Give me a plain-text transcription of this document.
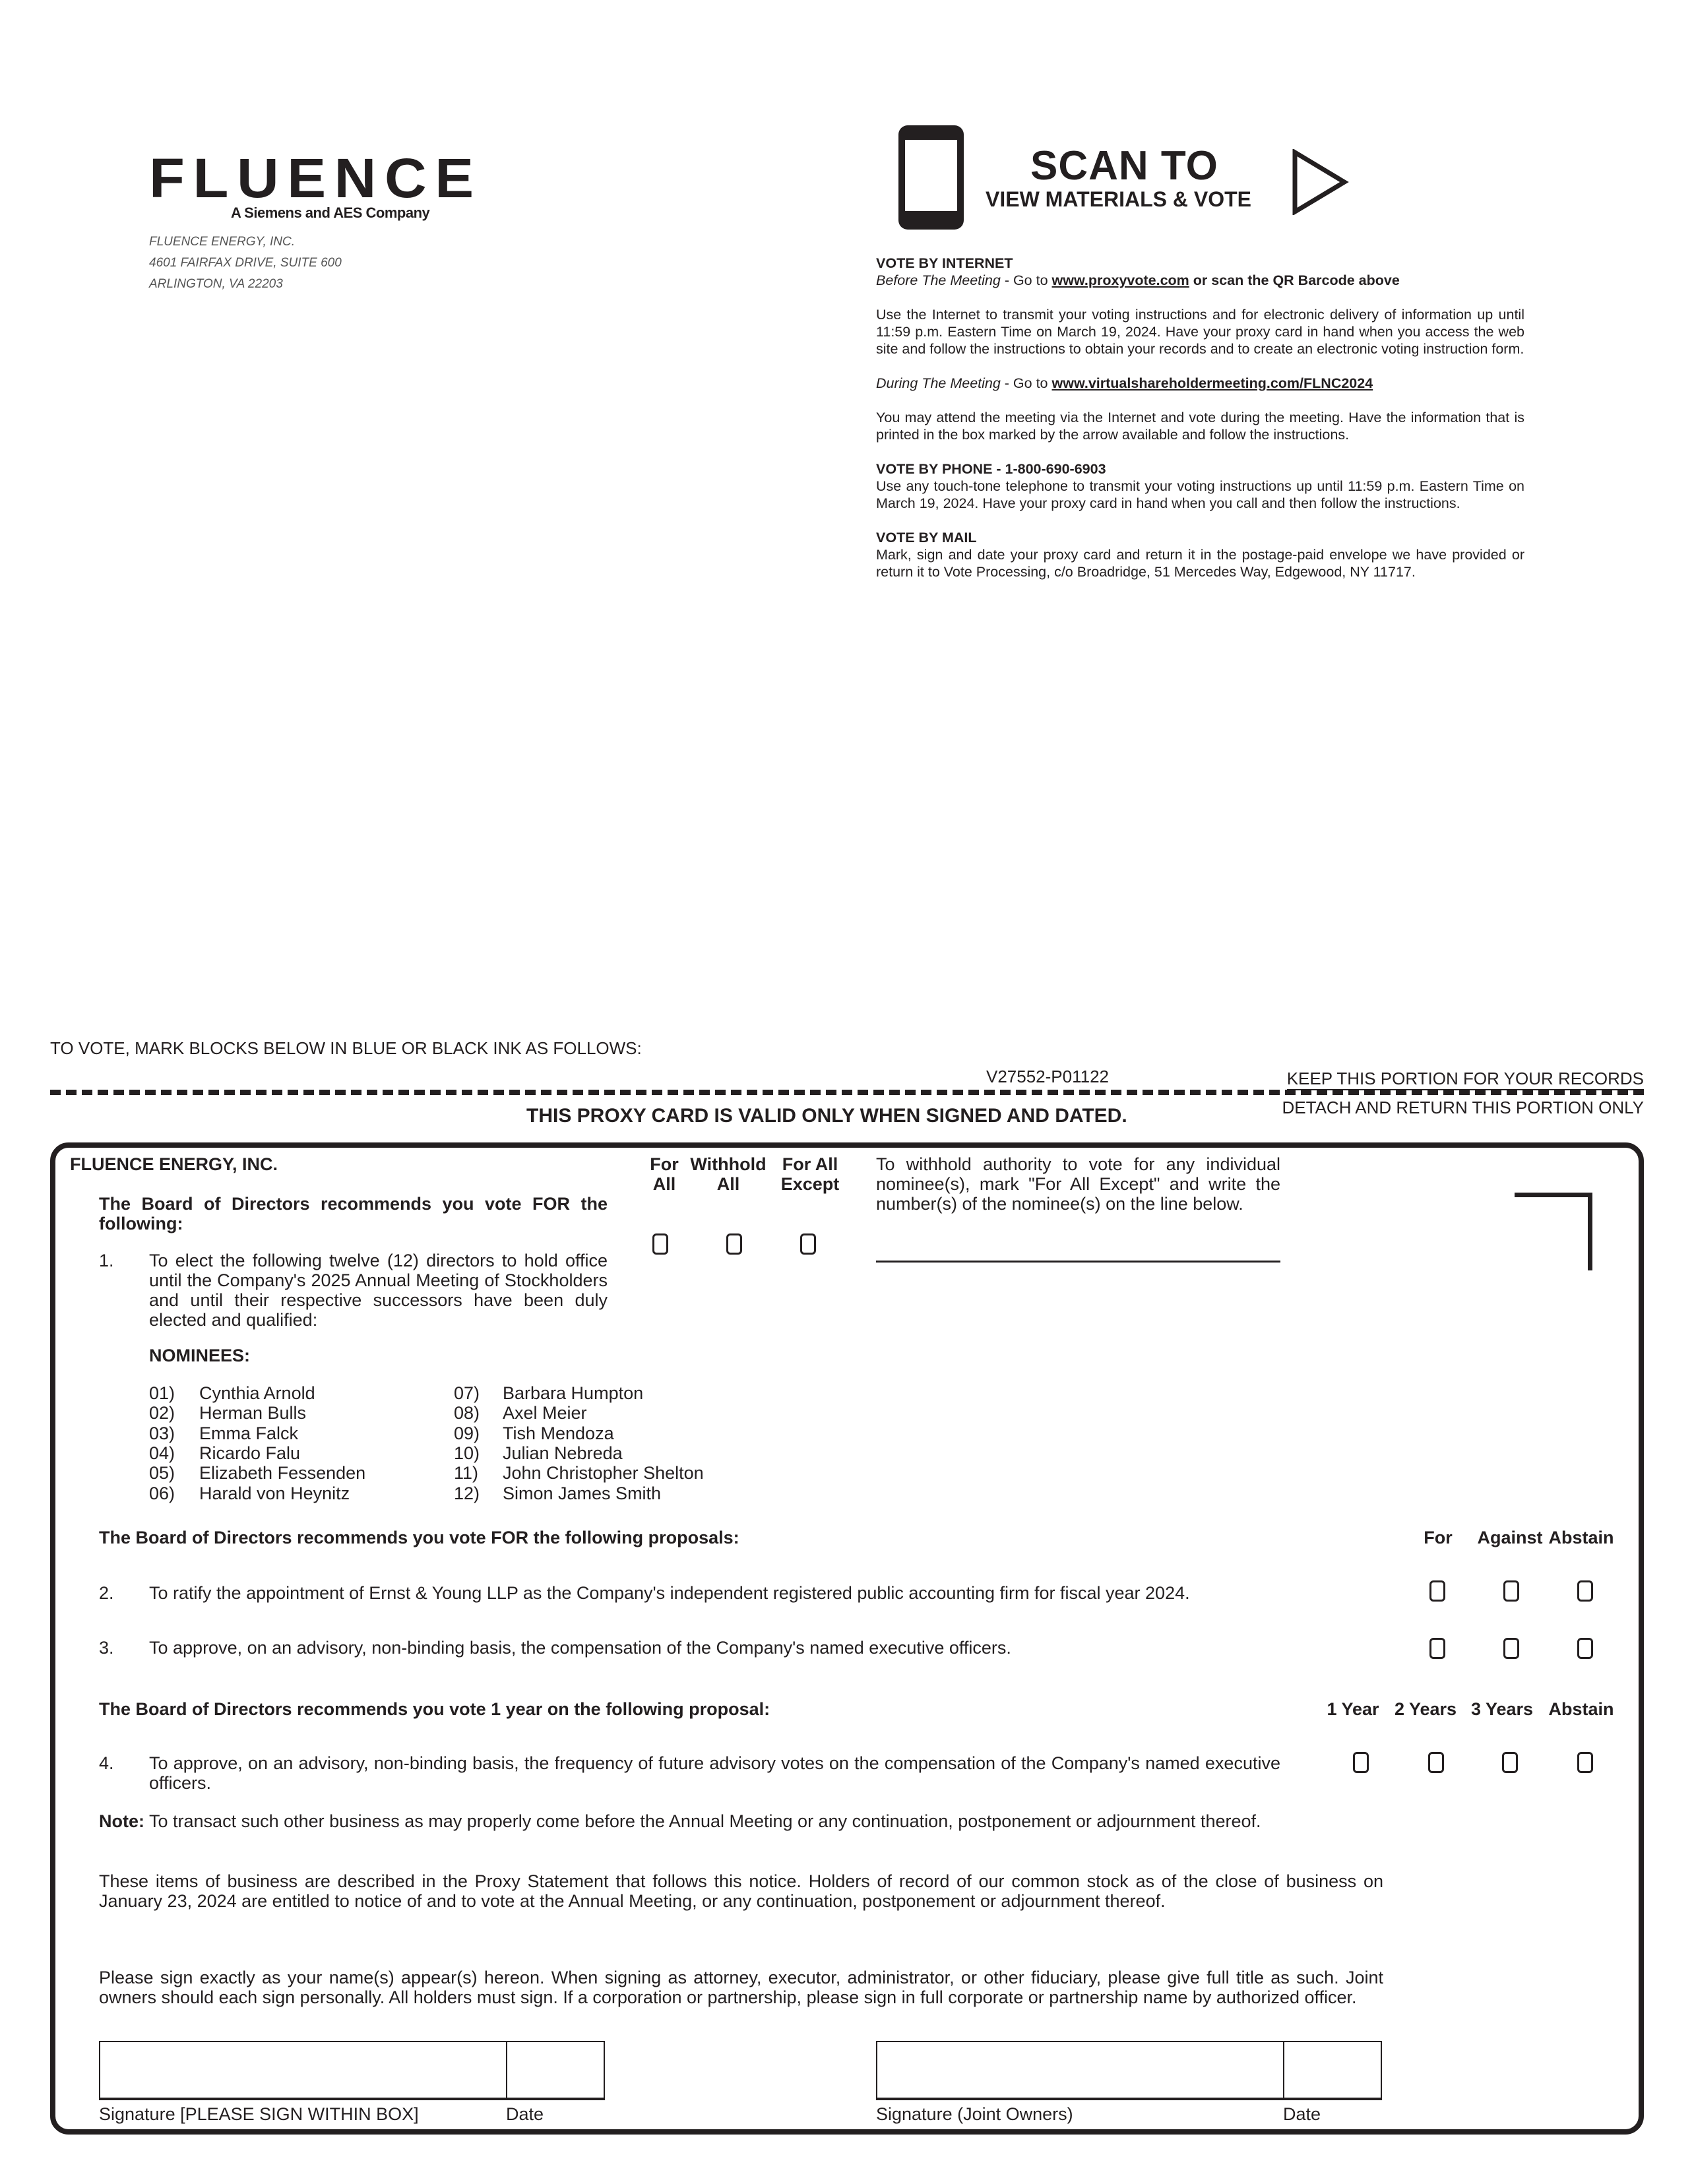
FLUENCE
A Siemens and AES Company
FLUENCE ENERGY, INC.
4601 FAIRFAX DRIVE, SUITE 600
ARLINGTON, VA 22203
SCAN TO
VIEW MATERIALS & VOTE
VOTE BY INTERNET

Before The Meeting - Go to www.proxyvote.com or scan the QR Barcode above

Use the Internet to transmit your voting instructions and for electronic delivery of information up until 11:59 p.m. Eastern Time on March 19, 2024. Have your proxy card in hand when you access the web site and follow the instructions to obtain your records and to create an electronic voting instruction form.

During The Meeting - Go to www.virtualshareholdermeeting.com/FLNC2024

You may attend the meeting via the Internet and vote during the meeting. Have the information that is printed in the box marked by the arrow available and follow the instructions.

VOTE BY PHONE - 1-800-690-6903

Use any touch-tone telephone to transmit your voting instructions up until 11:59 p.m. Eastern Time on March 19, 2024. Have your proxy card in hand when you call and then follow the instructions.

VOTE BY MAIL

Mark, sign and date your proxy card and return it in the postage-paid envelope we have provided or return it to Vote Processing, c/o Broadridge, 51 Mercedes Way, Edgewood, NY 11717.

TO VOTE, MARK BLOCKS BELOW IN BLUE OR BLACK INK AS FOLLOWS:
V27552-P01122	KEEP THIS PORTION FOR YOUR RECORDS
DETACH AND RETURN THIS PORTION ONLY
THIS PROXY CARD IS VALID ONLY WHEN SIGNED AND DATED.
FLUENCE ENERGY, INC.
The Board of Directors recommends you vote FOR the following:
For All
Withhold All
For All Except
To withhold authority to vote for any individual nominee(s), mark "For All Except" and write the number(s) of the nominee(s) on the line below.
1. To elect the following twelve (12) directors to hold office until the Company's 2025 Annual Meeting of Stockholders and until their respective successors have been duly elected and qualified:
NOMINEES:
01) Cynthia Arnold
02) Herman Bulls
03) Emma Falck
04) Ricardo Falu
05) Elizabeth Fessenden
06) Harald von Heynitz
07) Barbara Humpton
08) Axel Meier
09) Tish Mendoza
10) Julian Nebreda
11) John Christopher Shelton
12) Simon James Smith
The Board of Directors recommends you vote FOR the following proposals:	For Against Abstain
2. To ratify the appointment of Ernst & Young LLP as the Company's independent registered public accounting firm for fiscal year 2024.
3. To approve, on an advisory, non-binding basis, the compensation of the Company's named executive officers.
The Board of Directors recommends you vote 1 year on the following proposal:	1 Year 2 Years 3 Years Abstain
4. To approve, on an advisory, non-binding basis, the frequency of future advisory votes on the compensation of the Company's named executive officers.
Note: To transact such other business as may properly come before the Annual Meeting or any continuation, postponement or adjournment thereof.
These items of business are described in the Proxy Statement that follows this notice. Holders of record of our common stock as of the close of business on January 23, 2024 are entitled to notice of and to vote at the Annual Meeting, or any continuation, postponement or adjournment thereof.
Please sign exactly as your name(s) appear(s) hereon. When signing as attorney, executor, administrator, or other fiduciary, please give full title as such. Joint owners should each sign personally. All holders must sign. If a corporation or partnership, please sign in full corporate or partnership name by authorized officer.
Signature [PLEASE SIGN WITHIN BOX]	Date	Signature (Joint Owners)	Date
